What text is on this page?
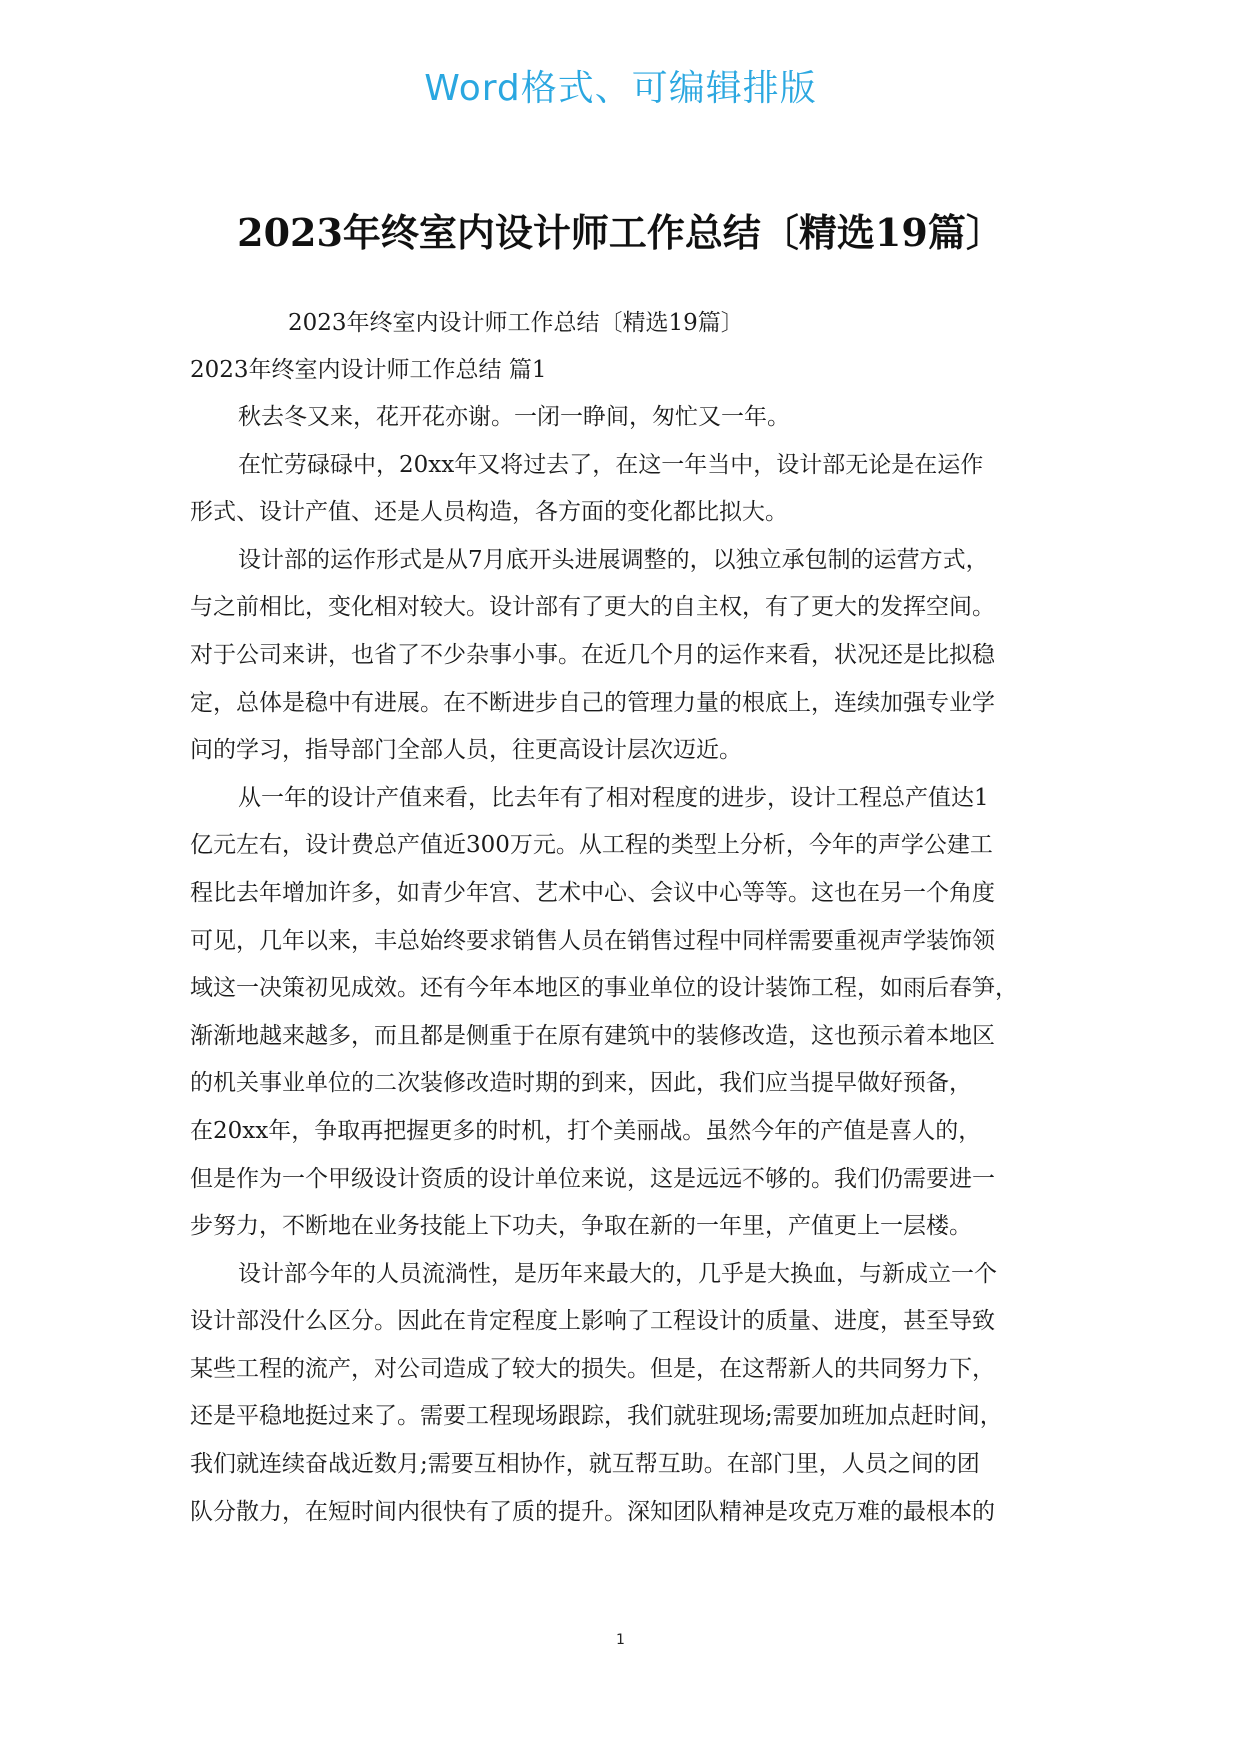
Word格式、可编辑排版
2023年终室内设计师工作总结〔精选19篇〕
2023年终室内设计师工作总结〔精选19篇〕
2023年终室内设计师工作总结 篇1
秋去冬又来，花开花亦谢。一闭一睁间，匆忙又一年。
在忙劳碌碌中，20xx年又将过去了，在这一年当中，设计部无论是在运作
形式、设计产值、还是人员构造，各方面的变化都比拟大。
设计部的运作形式是从7月底开头进展调整的，以独立承包制的运营方式，
与之前相比，变化相对较大。设计部有了更大的自主权，有了更大的发挥空间。
对于公司来讲，也省了不少杂事小事。在近几个月的运作来看，状况还是比拟稳
定，总体是稳中有进展。在不断进步自己的管理力量的根底上，连续加强专业学
问的学习，指导部门全部人员，往更高设计层次迈近。
从一年的设计产值来看，比去年有了相对程度的进步，设计工程总产值达1
亿元左右，设计费总产值近300万元。从工程的类型上分析，今年的声学公建工
程比去年增加许多，如青少年宫、艺术中心、会议中心等等。这也在另一个角度
可见，几年以来，丰总始终要求销售人员在销售过程中同样需要重视声学装饰领
域这一决策初见成效。还有今年本地区的事业单位的设计装饰工程，如雨后春笋，
渐渐地越来越多，而且都是侧重于在原有建筑中的装修改造，这也预示着本地区
的机关事业单位的二次装修改造时期的到来，因此，我们应当提早做好预备，
在20xx年，争取再把握更多的时机，打个美丽战。虽然今年的产值是喜人的，
但是作为一个甲级设计资质的设计单位来说，这是远远不够的。我们仍需要进一
步努力，不断地在业务技能上下功夫，争取在新的一年里，产值更上一层楼。
设计部今年的人员流淌性，是历年来最大的，几乎是大换血，与新成立一个
设计部没什么区分。因此在肯定程度上影响了工程设计的质量、进度，甚至导致
某些工程的流产，对公司造成了较大的损失。但是，在这帮新人的共同努力下，
还是平稳地挺过来了。需要工程现场跟踪，我们就驻现场;需要加班加点赶时间，
我们就连续奋战近数月;需要互相协作，就互帮互助。在部门里，人员之间的团
队分散力，在短时间内很快有了质的提升。深知团队精神是攻克万难的最根本的
1
